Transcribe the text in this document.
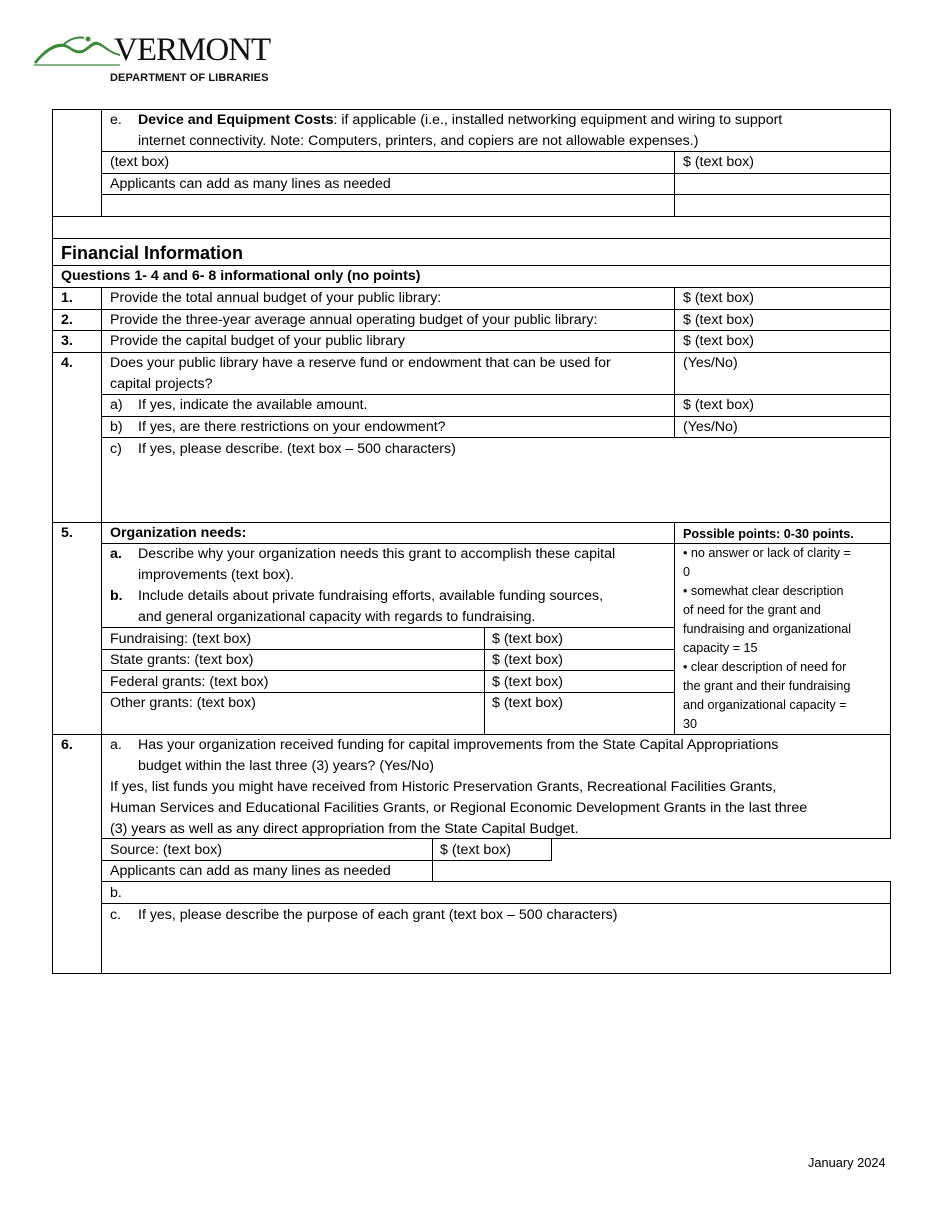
VERMONT
DEPARTMENT OF LIBRARIES
e. Device and Equipment Costs: if applicable (i.e., installed networking equipment and wiring to support
internet connectivity. Note: Computers, printers, and copiers are not allowable expenses.)
(text box)	$ (text box)
Applicants can add as many lines as needed
Financial Information
Questions 1- 4 and 6- 8 informational only (no points)
1.	Provide the total annual budget of your public library:	$ (text box)
2.	Provide the three-year average annual operating budget of your public library:	$ (text box)
3.	Provide the capital budget of your public library	$ (text box)
4.	Does your public library have a reserve fund or endowment that can be used for
capital projects?
(Yes/No)
a) If yes, indicate the available amount.	$ (text box)
b) If yes, are there restrictions on your endowment?	(Yes/No)
c) If yes, please describe. (text box – 500 characters)
5.	Organization needs:	Possible points: 0-30 points.
a. Describe why your organization needs this grant to accomplish these capital
improvements (text box).
b. Include details about private fundraising efforts, available funding sources,
and general organizational capacity with regards to fundraising.
Fundraising: (text box)	$ (text box)
State grants: (text box)	$ (text box)
Federal grants: (text box)	$ (text box)
Other grants: (text box)	$ (text box)
• no answer or lack of clarity =
0
• somewhat clear description
of need for the grant and
fundraising and organizational
capacity = 15
• clear description of need for
the grant and their fundraising
and organizational capacity =
30
6.	a. Has your organization received funding for capital improvements from the State Capital Appropriations
budget within the last three (3) years? (Yes/No)
If yes, list funds you might have received from Historic Preservation Grants, Recreational Facilities Grants,
Human Services and Educational Facilities Grants, or Regional Economic Development Grants in the last three
(3) years as well as any direct appropriation from the State Capital Budget.
Source: (text box)	$ (text box)
Applicants can add as many lines as needed
b.
c. If yes, please describe the purpose of each grant (text box – 500 characters)
January 2024
